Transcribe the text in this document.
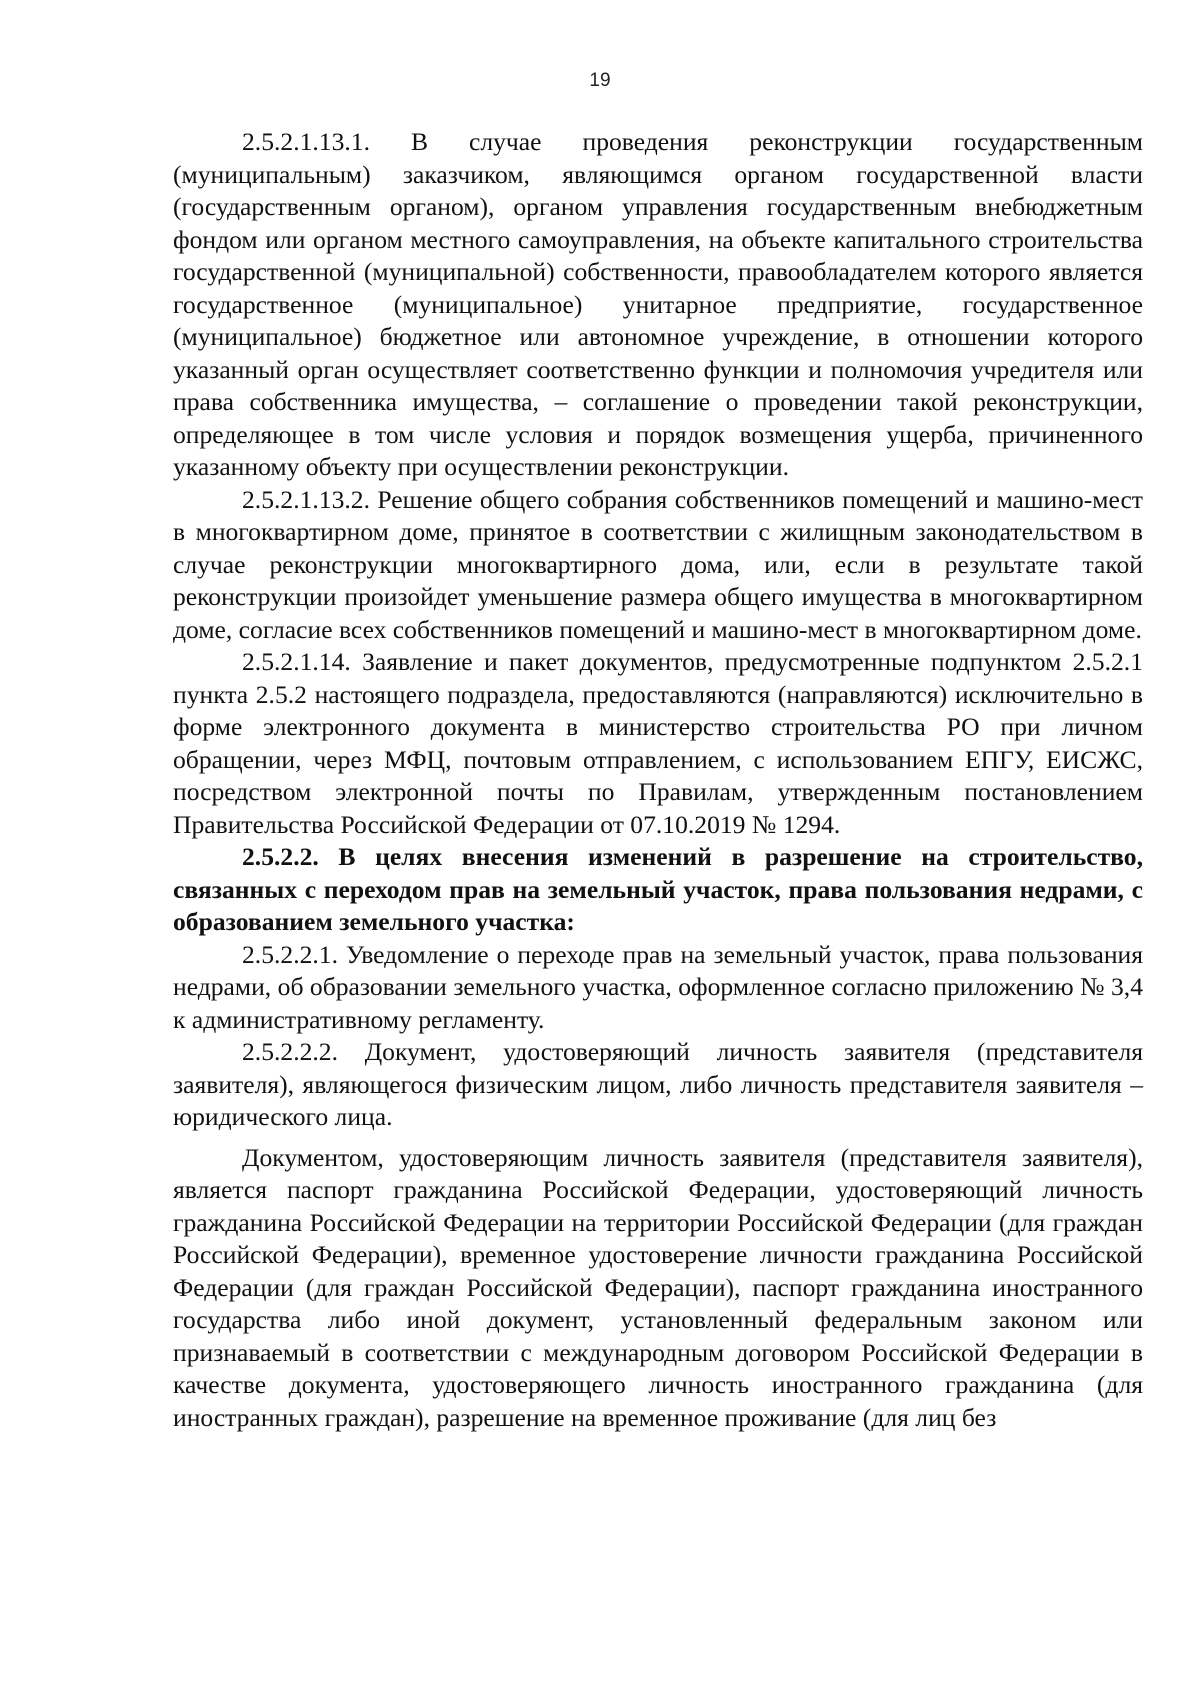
19

2.5.2.1.13.1. В случае проведения реконструкции государственным (муниципальным) заказчиком, являющимся органом государственной власти (государственным органом), органом управления государственным внебюджетным фондом или органом местного самоуправления, на объекте капитального строительства государственной (муниципальной) собственности, правообладателем которого является государственное (муниципальное) унитарное предприятие, государственное (муниципальное) бюджетное или автономное учреждение, в отношении которого указанный орган осуществляет соответственно функции и полномочия учредителя или права собственника имущества, – соглашение о проведении такой реконструкции, определяющее в том числе условия и порядок возмещения ущерба, причиненного указанному объекту при осуществлении реконструкции.

2.5.2.1.13.2. Решение общего собрания собственников помещений и машино-мест в многоквартирном доме, принятое в соответствии с жилищным законодательством в случае реконструкции многоквартирного дома, или, если в результате такой реконструкции произойдет уменьшение размера общего имущества в многоквартирном доме, согласие всех собственников помещений и машино-мест в многоквартирном доме.

2.5.2.1.14. Заявление и пакет документов, предусмотренные подпунктом 2.5.2.1 пункта 2.5.2 настоящего подраздела, предоставляются (направляются) исключительно в форме электронного документа в министерство строительства РО при личном обращении, через МФЦ, почтовым отправлением, с использованием ЕПГУ, ЕИСЖС, посредством электронной почты по Правилам, утвержденным постановлением Правительства Российской Федерации от 07.10.2019 № 1294.

2.5.2.2. В целях внесения изменений в разрешение на строительство, связанных с переходом прав на земельный участок, права пользования недрами, с образованием земельного участка:

2.5.2.2.1. Уведомление о переходе прав на земельный участок, права пользования недрами, об образовании земельного участка, оформленное согласно приложению № 3,4 к административному регламенту.

2.5.2.2.2. Документ, удостоверяющий личность заявителя (представителя заявителя), являющегося физическим лицом, либо личность представителя заявителя – юридического лица.

Документом, удостоверяющим личность заявителя (представителя заявителя), является паспорт гражданина Российской Федерации, удостоверяющий личность гражданина Российской Федерации на территории Российской Федерации (для граждан Российской Федерации), временное удостоверение личности гражданина Российской Федерации (для граждан Российской Федерации), паспорт гражданина иностранного государства либо иной документ, установленный федеральным законом или признаваемый в соответствии с международным договором Российской Федерации в качестве документа, удостоверяющего личность иностранного гражданина (для иностранных граждан), разрешение на временное проживание (для лиц без
